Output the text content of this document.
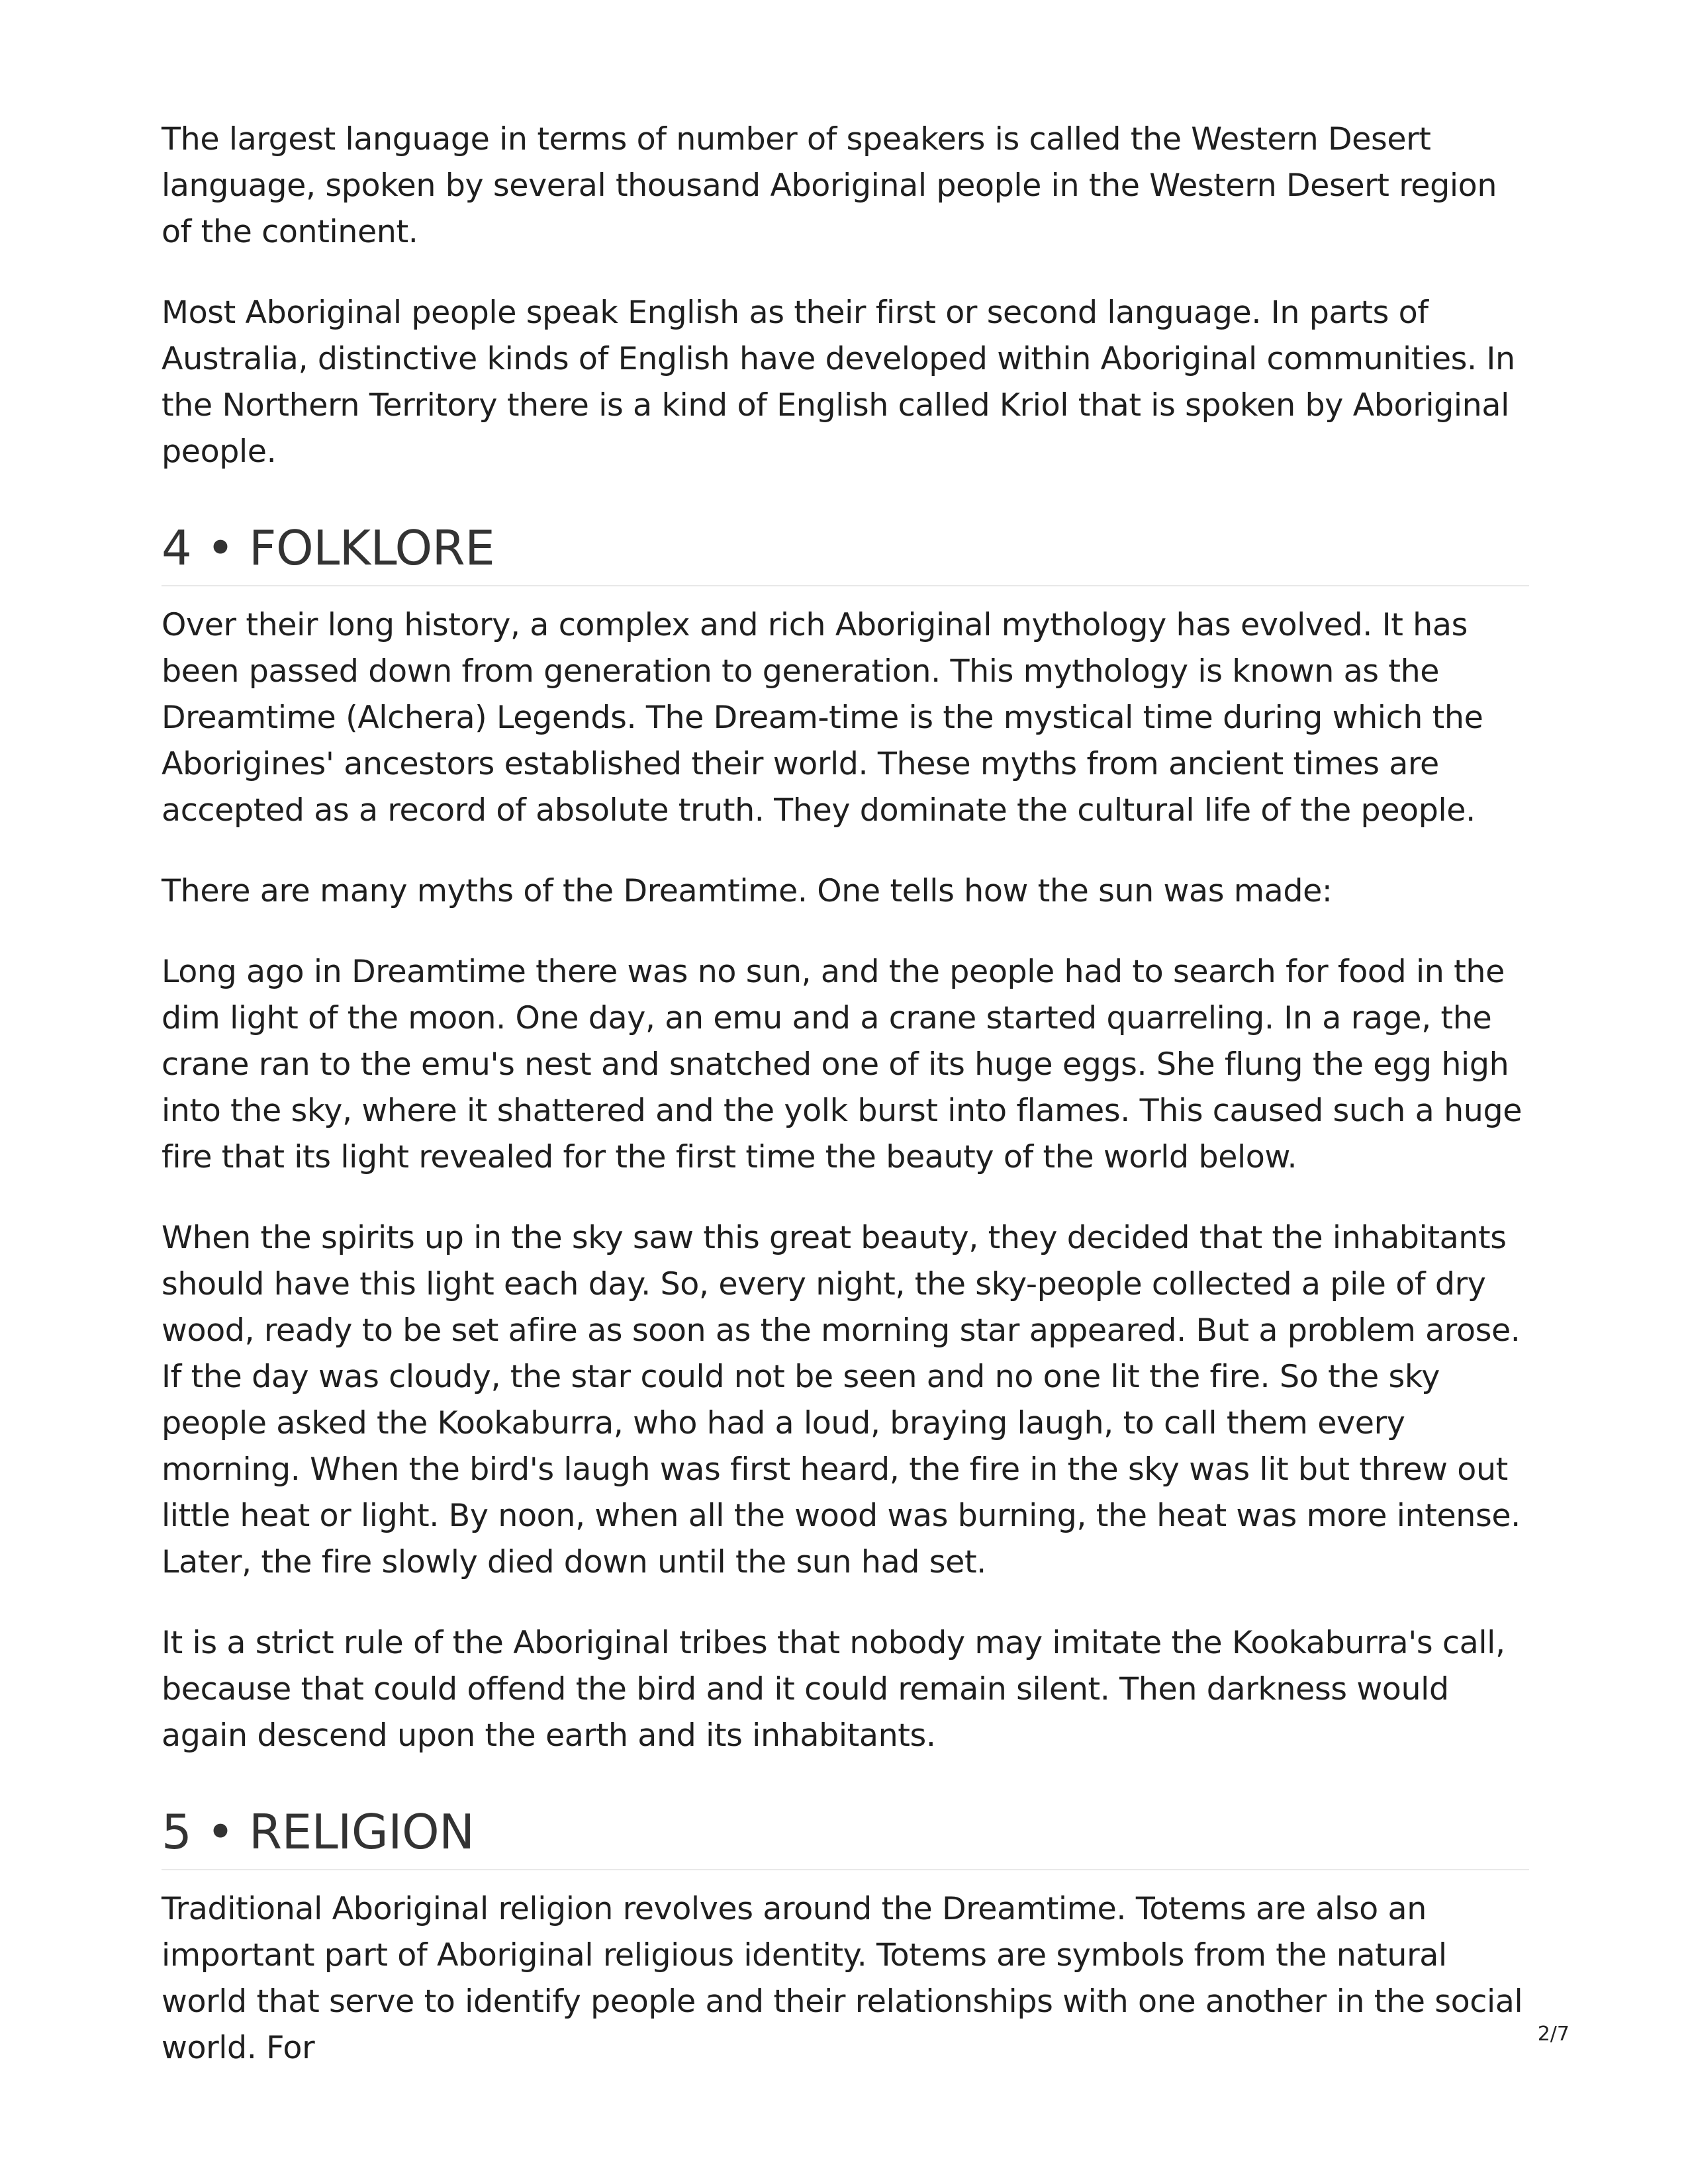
The largest language in terms of number of speakers is called the Western Desert language, spoken by several thousand Aboriginal people in the Western Desert region of the continent.

Most Aboriginal people speak English as their first or second language. In parts of Australia, distinctive kinds of English have developed within Aboriginal communities. In the Northern Territory there is a kind of English called Kriol that is spoken by Aboriginal people.

4 • FOLKLORE

Over their long history, a complex and rich Aboriginal mythology has evolved. It has been passed down from generation to generation. This mythology is known as the Dreamtime (Alchera) Legends. The Dream-time is the mystical time during which the Aborigines' ancestors established their world. These myths from ancient times are accepted as a record of absolute truth. They dominate the cultural life of the people.

There are many myths of the Dreamtime. One tells how the sun was made:

Long ago in Dreamtime there was no sun, and the people had to search for food in the dim light of the moon. One day, an emu and a crane started quarreling. In a rage, the crane ran to the emu's nest and snatched one of its huge eggs. She flung the egg high into the sky, where it shattered and the yolk burst into flames. This caused such a huge fire that its light revealed for the first time the beauty of the world below.

When the spirits up in the sky saw this great beauty, they decided that the inhabitants should have this light each day. So, every night, the sky-people collected a pile of dry wood, ready to be set afire as soon as the morning star appeared. But a problem arose. If the day was cloudy, the star could not be seen and no one lit the fire. So the sky people asked the Kookaburra, who had a loud, braying laugh, to call them every morning. When the bird's laugh was first heard, the fire in the sky was lit but threw out little heat or light. By noon, when all the wood was burning, the heat was more intense. Later, the fire slowly died down until the sun had set.

It is a strict rule of the Aboriginal tribes that nobody may imitate the Kookaburra's call, because that could offend the bird and it could remain silent. Then darkness would again descend upon the earth and its inhabitants.

5 • RELIGION

Traditional Aboriginal religion revolves around the Dreamtime. Totems are also an important part of Aboriginal religious identity. Totems are symbols from the natural world that serve to identify people and their relationships with one another in the social world. For	2/7
